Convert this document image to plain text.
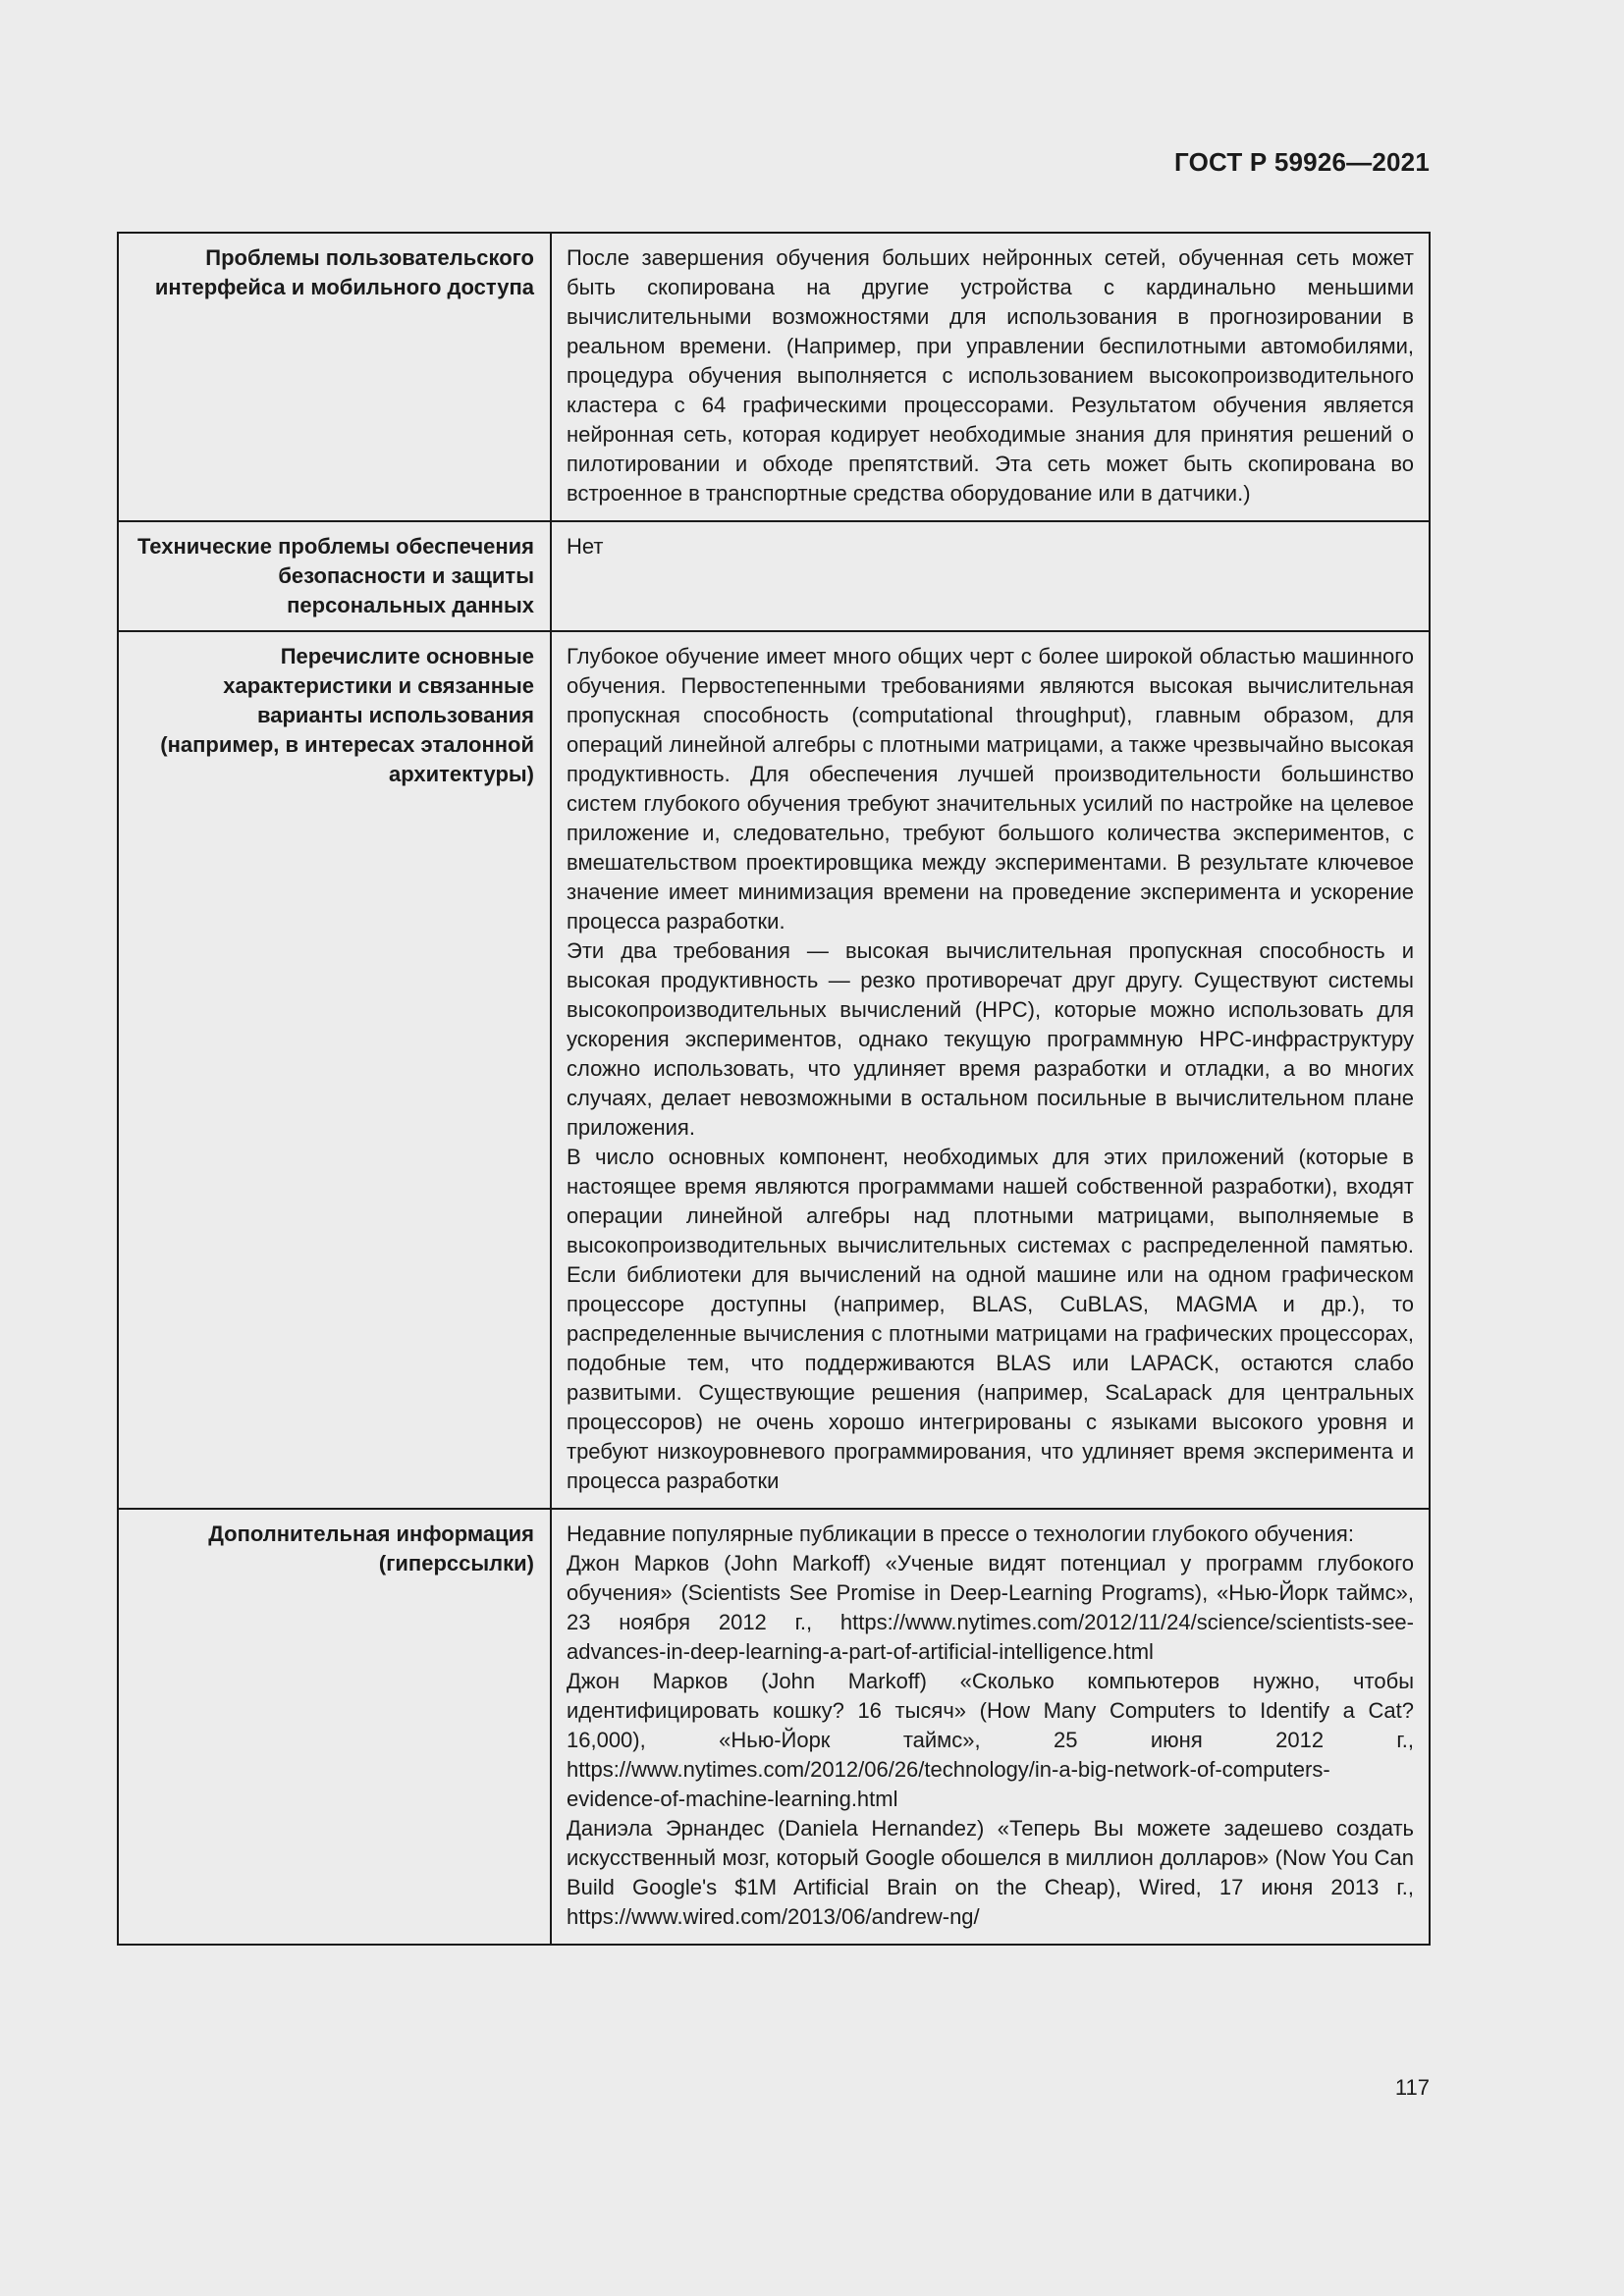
ГОСТ Р 59926—2021
Проблемы пользовательского интерфейса и мобильного доступа	После завершения обучения больших нейронных сетей, обученная сеть может быть скопирована на другие устройства с кардинально меньшими вычислительными возможностями для использования в прогнозировании в реальном времени. (Например, при управлении беспилотными автомобилями, процедура обучения выполняется с использованием высокопроизводительного кластера с 64 графическими процессорами. Результатом обучения является нейронная сеть, которая кодирует необходимые знания для принятия решений о пилотировании и обходе препятствий. Эта сеть может быть скопирована во встроенное в транспортные средства оборудование или в датчики.)

Технические проблемы обеспечения безопасности и защиты персональных данных	Нет

Перечислите основные характеристики и связанные варианты использования (например, в интересах эталонной архитектуры)	Глубокое обучение имеет много общих черт с более широкой областью машинного обучения. Первостепенными требованиями являются высокая вычислительная пропускная способность (computational throughput), главным образом, для операций линейной алгебры с плотными матрицами, а также чрезвычайно высокая продуктивность. Для обеспечения лучшей производительности большинство систем глубокого обучения требуют значительных усилий по настройке на целевое приложение и, следовательно, требуют большого количества экспериментов, с вмешательством проектировщика между экспериментами. В результате ключевое значение имеет минимизация времени на проведение эксперимента и ускорение процесса разработки.

Эти два требования — высокая вычислительная пропускная способность и высокая продуктивность — резко противоречат друг другу. Существуют системы высокопроизводительных вычислений (HPC), которые можно использовать для ускорения экспериментов, однако текущую программную HPC-инфраструктуру сложно использовать, что удлиняет время разработки и отладки, а во многих случаях, делает невозможными в остальном посильные в вычислительном плане приложения.

В число основных компонент, необходимых для этих приложений (которые в настоящее время являются программами нашей собственной разработки), входят операции линейной алгебры над плотными матрицами, выполняемые в высокопроизводительных вычислительных системах с распределенной памятью. Если библиотеки для вычислений на одной машине или на одном графическом процессоре доступны (например, BLAS, CuBLAS, MAGMA и др.), то распределенные вычисления с плотными матрицами на графических процессорах, подобные тем, что поддерживаются BLAS или LAPACK, остаются слабо развитыми. Существующие решения (например, ScaLapack для центральных процессоров) не очень хорошо интегрированы с языками высокого уровня и требуют низкоуровневого программирования, что удлиняет время эксперимента и процесса разработки

Дополнительная информация (гиперссылки)	Недавние популярные публикации в прессе о технологии глубокого обучения:

Джон Марков (John Markoff) «Ученые видят потенциал у программ глубокого обучения» (Scientists See Promise in Deep-Learning Programs), «Нью-Йорк таймс», 23 ноября 2012 г., https://www.nytimes.com/2012/11/24/science/scientists-see-advances-in-deep-learning-a-part-of-artificial-intelligence.html

Джон Марков (John Markoff) «Сколько компьютеров нужно, чтобы идентифицировать кошку? 16 тысяч» (How Many Computers to Identify a Cat? 16,000), «Нью-Йорк таймс», 25 июня 2012 г., https://www.nytimes.com/2012/06/26/technology/in-a-big-network-of-computers-evidence-of-machine-learning.html

Даниэла Эрнандес (Daniela Hernandez) «Теперь Вы можете задешево создать искусственный мозг, который Google обошелся в миллион долларов» (Now You Can Build Google's $1M Artificial Brain on the Cheap), Wired, 17 июня 2013 г., https://www.wired.com/2013/06/andrew-ng/

117
